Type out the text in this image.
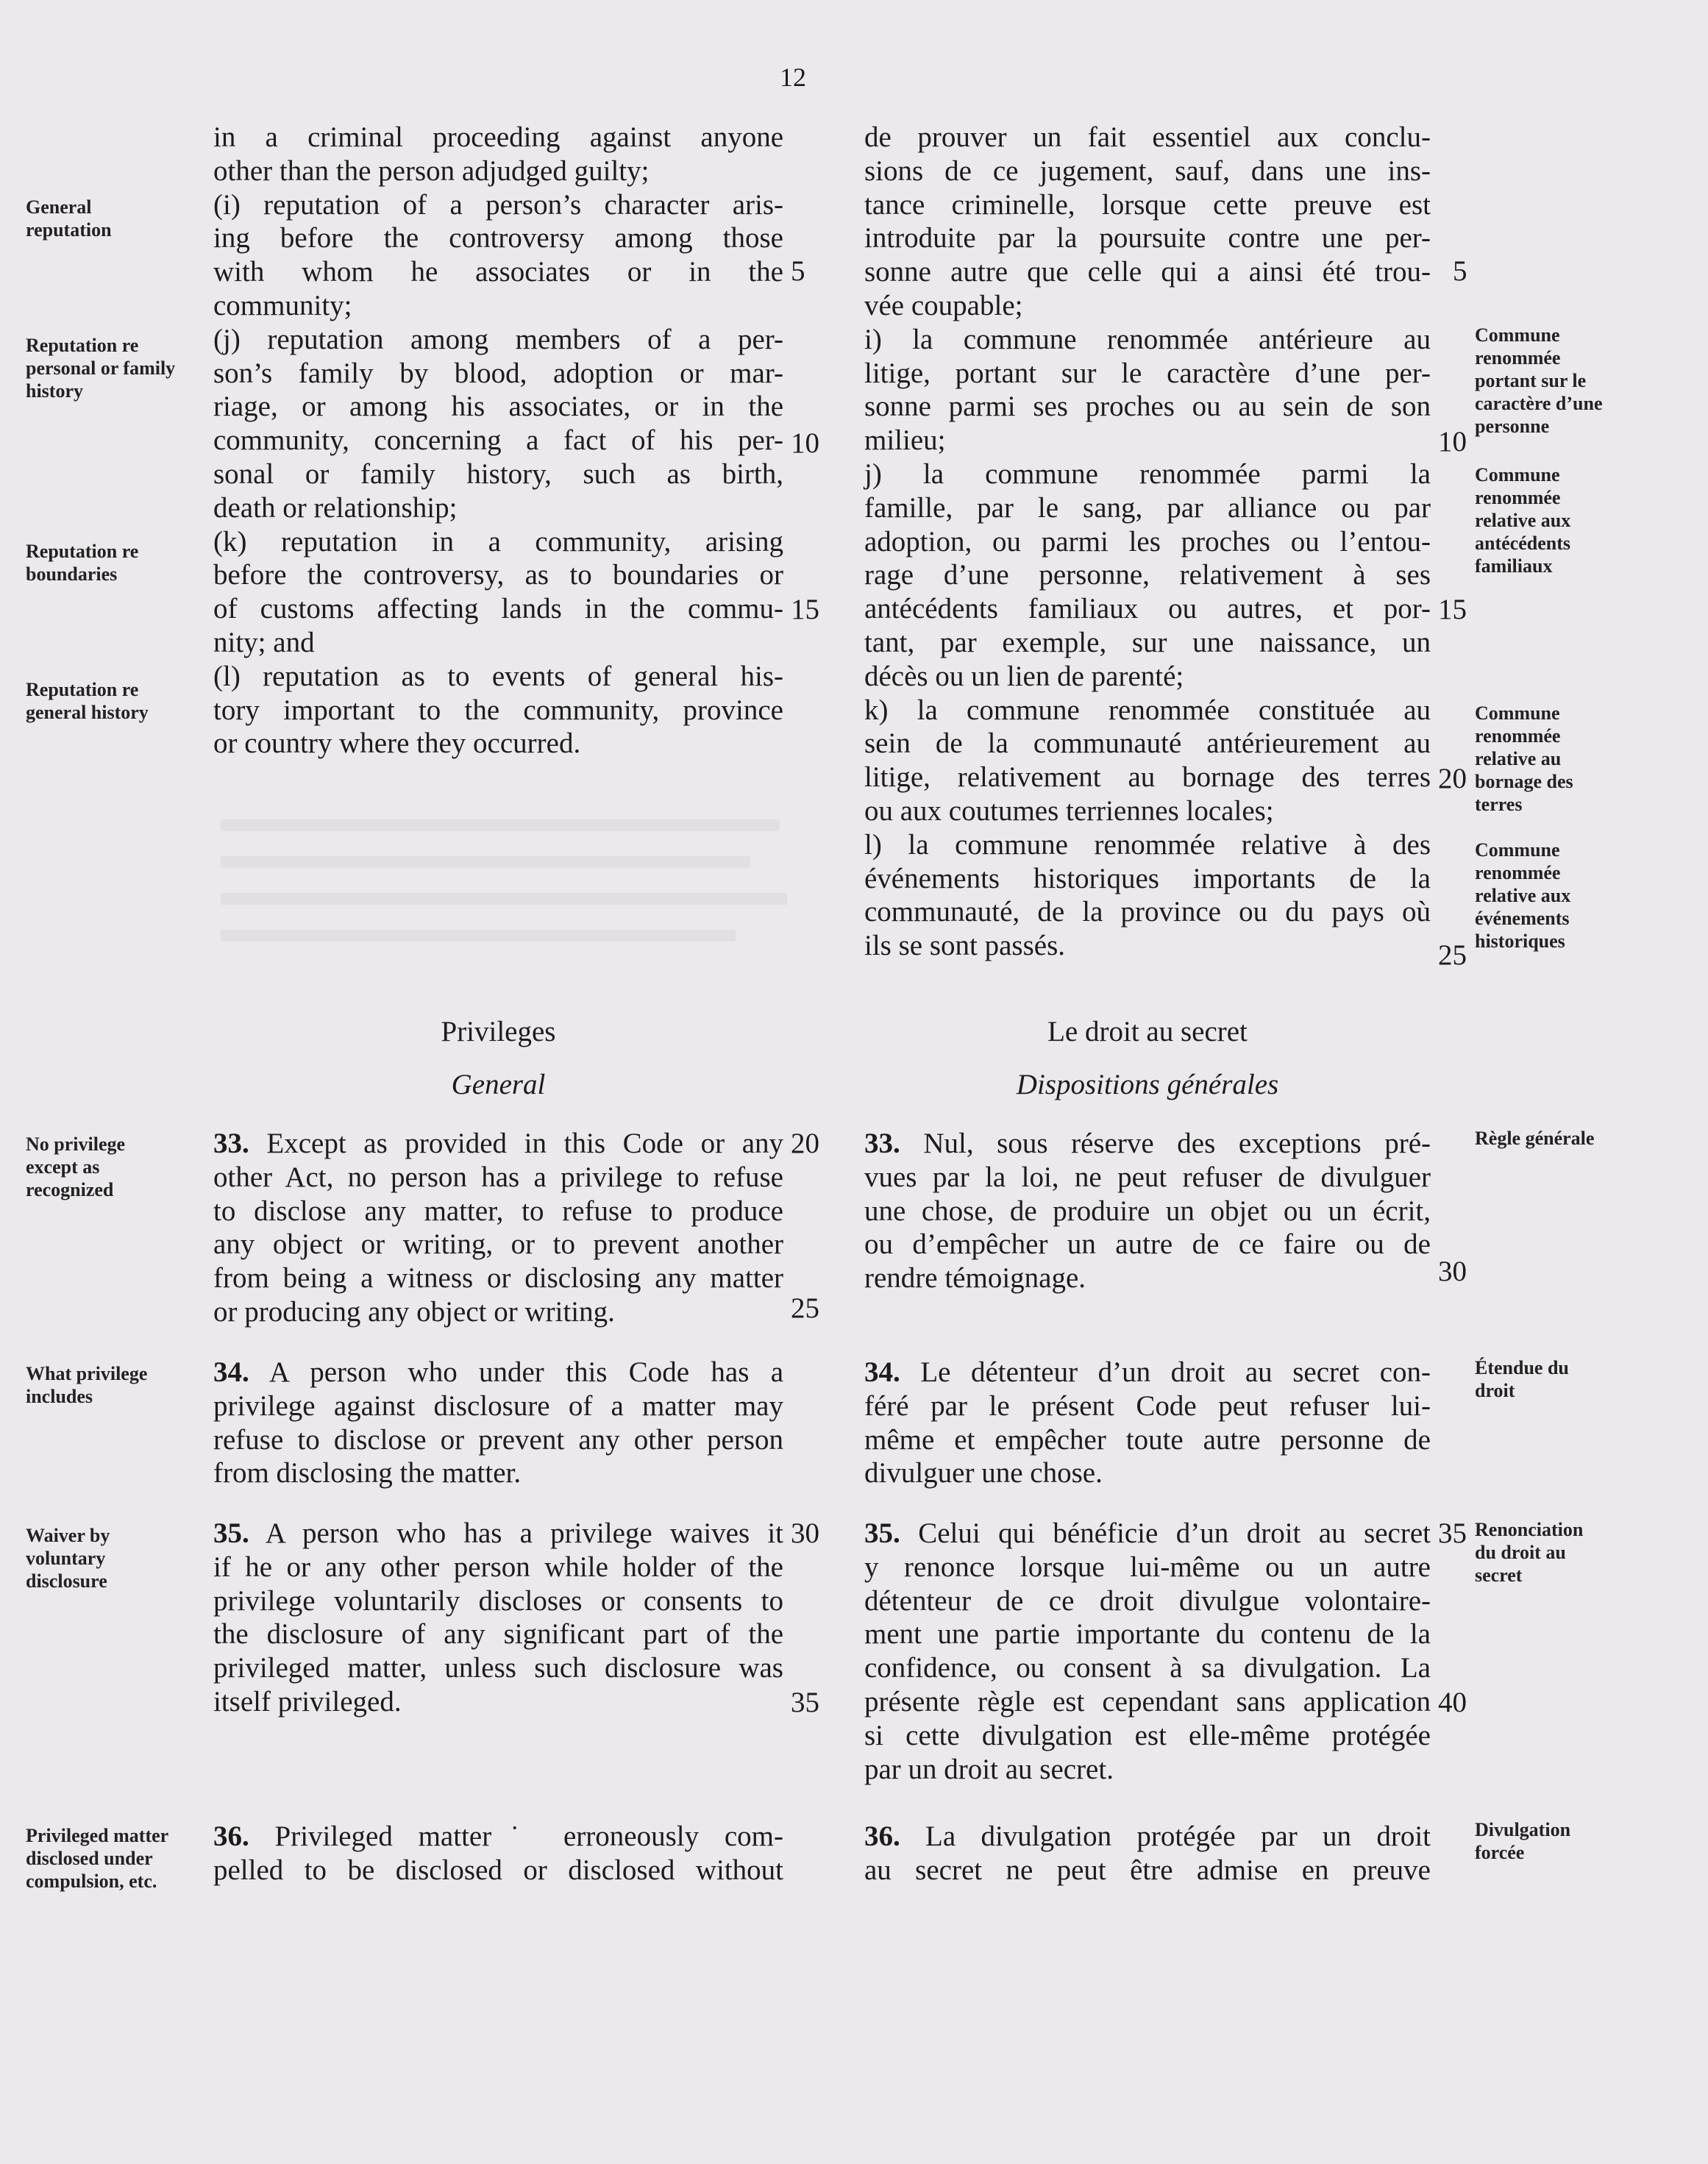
12
in a criminal proceeding against anyone
other than the person adjudged guilty;
(i) reputation of a person’s character aris-
ing before the controversy among those
with whom he associates or in the
community;
(j) reputation among members of a per-
son’s family by blood, adoption or mar-
riage, or among his associates, or in the
community, concerning a fact of his per-
sonal or family history, such as birth,
death or relationship;
(k) reputation in a community, arising
before the controversy, as to boundaries or
of customs affecting lands in the commu-
nity; and
(l) reputation as to events of general his-
tory important to the community, province
or country where they occurred.
Privileges
General
33. Except as provided in this Code or any
other Act, no person has a privilege to refuse
to disclose any matter, to refuse to produce
any object or writing, or to prevent another
from being a witness or disclosing any matter
or producing any object or writing.
34. A person who under this Code has a
privilege against disclosure of a matter may
refuse to disclose or prevent any other person
from disclosing the matter.
35. A person who has a privilege waives it
if he or any other person while holder of the
privilege voluntarily discloses or consents to
the disclosure of any significant part of the
privileged matter, unless such disclosure was
itself privileged.
36. Privileged matter˙ erroneously com-
pelled to be disclosed or disclosed without
General reputation
Reputation re personal or family history
Reputation re boundaries
Reputation re general history
No privilege except as recognized
What privilege includes
Waiver by voluntary disclosure
Privileged matter disclosed under compulsion, etc.
5
10
15
20
25
30
35
de prouver un fait essentiel aux conclu-
sions de ce jugement, sauf, dans une ins-
tance criminelle, lorsque cette preuve est
introduite par la poursuite contre une per-
sonne autre que celle qui a ainsi été trou-
vée coupable;
i) la commune renommée antérieure au
litige, portant sur le caractère d’une per-
sonne parmi ses proches ou au sein de son
milieu;
j) la commune renommée parmi la
famille, par le sang, par alliance ou par
adoption, ou parmi les proches ou l’entou-
rage d’une personne, relativement à ses
antécédents familiaux ou autres, et por-
tant, par exemple, sur une naissance, un
décès ou un lien de parenté;
k) la commune renommée constituée au
sein de la communauté antérieurement au
litige, relativement au bornage des terres
ou aux coutumes terriennes locales;
l) la commune renommée relative à des
événements historiques importants de la
communauté, de la province ou du pays où
ils se sont passés.
Le droit au secret
Dispositions générales
33. Nul, sous réserve des exceptions pré-
vues par la loi, ne peut refuser de divulguer
une chose, de produire un objet ou un écrit,
ou d’empêcher un autre de ce faire ou de
rendre témoignage.
34. Le détenteur d’un droit au secret con-
féré par le présent Code peut refuser lui-
même et empêcher toute autre personne de
divulguer une chose.
35. Celui qui bénéficie d’un droit au secret
y renonce lorsque lui-même ou un autre
détenteur de ce droit divulgue volontaire-
ment une partie importante du contenu de la
confidence, ou consent à sa divulgation. La
présente règle est cependant sans application
si cette divulgation est elle-même protégée
par un droit au secret.
36. La divulgation protégée par un droit
au secret ne peut être admise en preuve
Commune renommée portant sur le caractère d’une personne
Commune renommée relative aux antécédents familiaux
Commune renommée relative au bornage des terres
Commune renommée relative aux événements historiques
Règle générale
Étendue du droit
Renonciation du droit au secret
Divulgation forcée
5
10
15
20
25
30
35
40
